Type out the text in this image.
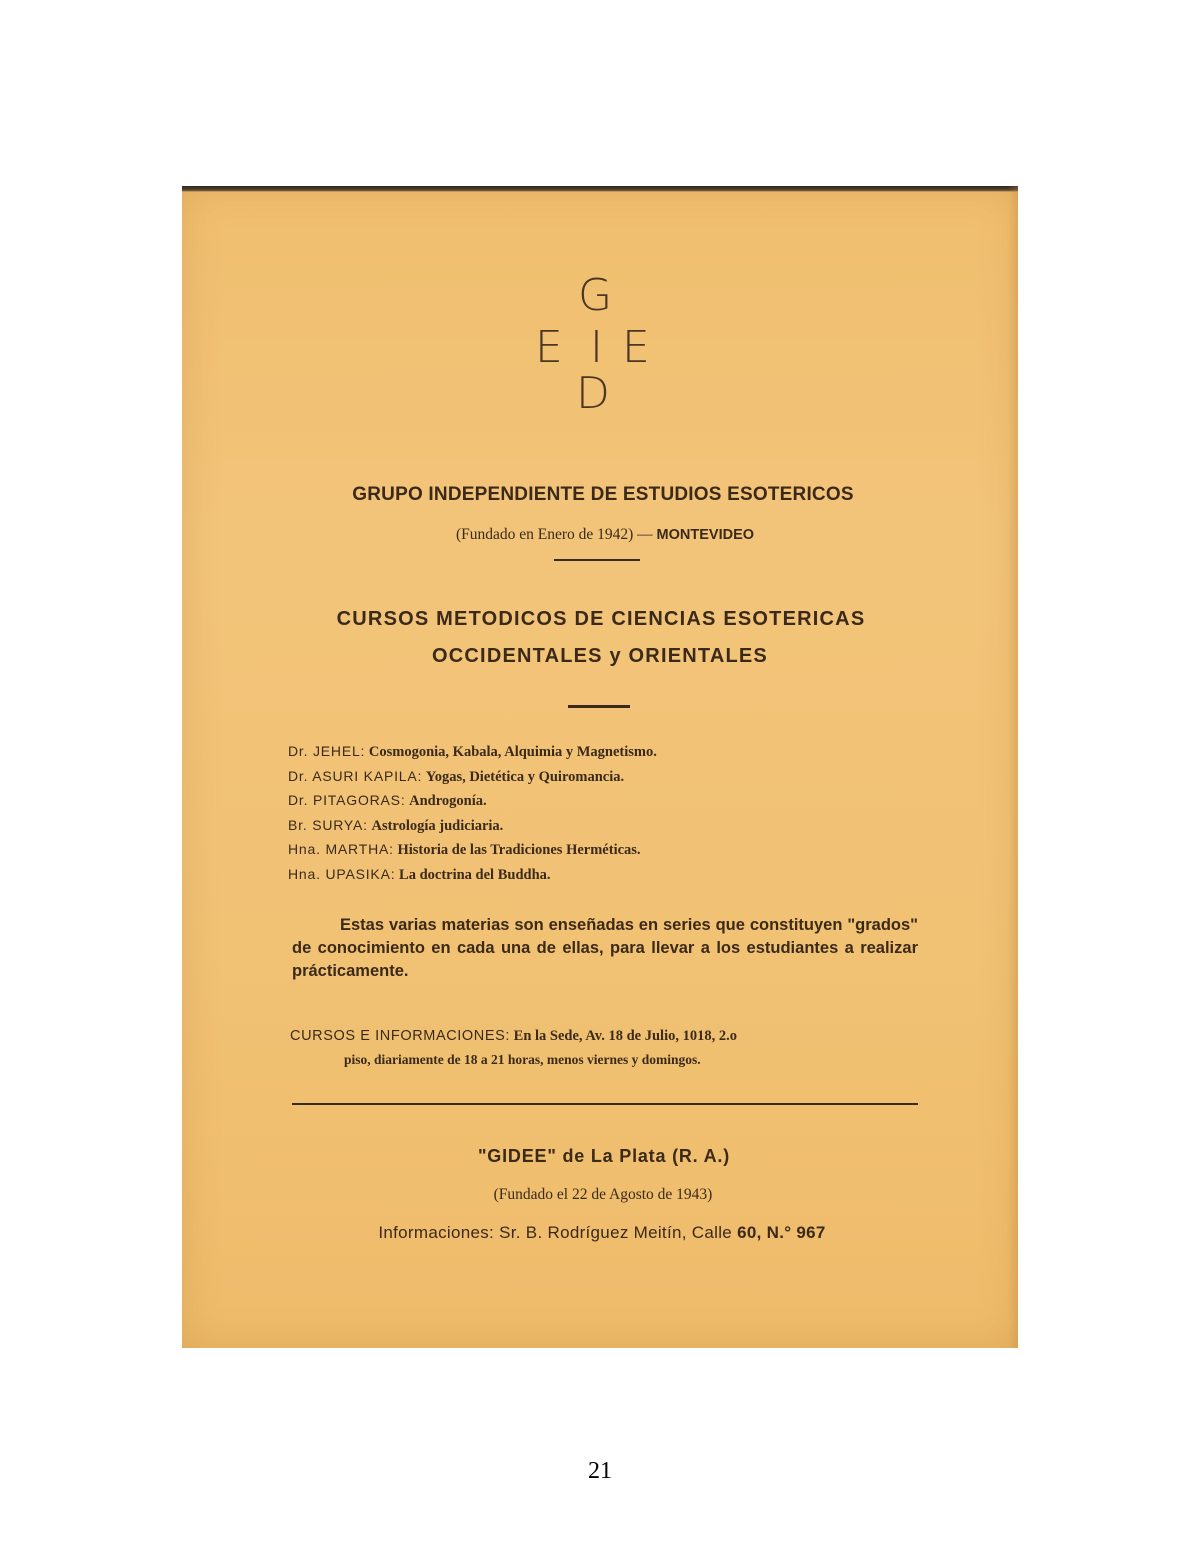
G
E I E
D
GRUPO INDEPENDIENTE DE ESTUDIOS ESOTERICOS
(Fundado en Enero de 1942) — MONTEVIDEO
CURSOS METODICOS DE CIENCIAS ESOTERICAS
OCCIDENTALES y ORIENTALES
Dr. JEHEL: Cosmogonia, Kabala, Alquimia y Magnetismo.
Dr. ASURI KAPILA: Yogas, Dietética y Quiromancia.
Dr. PITAGORAS: Androgonía.
Br. SURYA: Astrología judiciaria.
Hna. MARTHA: Historia de las Tradiciones Herméticas.
Hna. UPASIKA: La doctrina del Buddha.
Estas varias materias son enseñadas en series que constituyen "grados" de conocimiento en cada una de ellas, para llevar a los estudiantes a realizar prácticamente.
CURSOS E INFORMACIONES: En la Sede, Av. 18 de Julio, 1018, 2.o
piso, diariamente de 18 a 21 horas, menos viernes y domingos.
"GIDEE" de La Plata (R. A.)
(Fundado el 22 de Agosto de 1943)
Informaciones: Sr. B. Rodríguez Meitín, Calle 60, N.° 967
21
